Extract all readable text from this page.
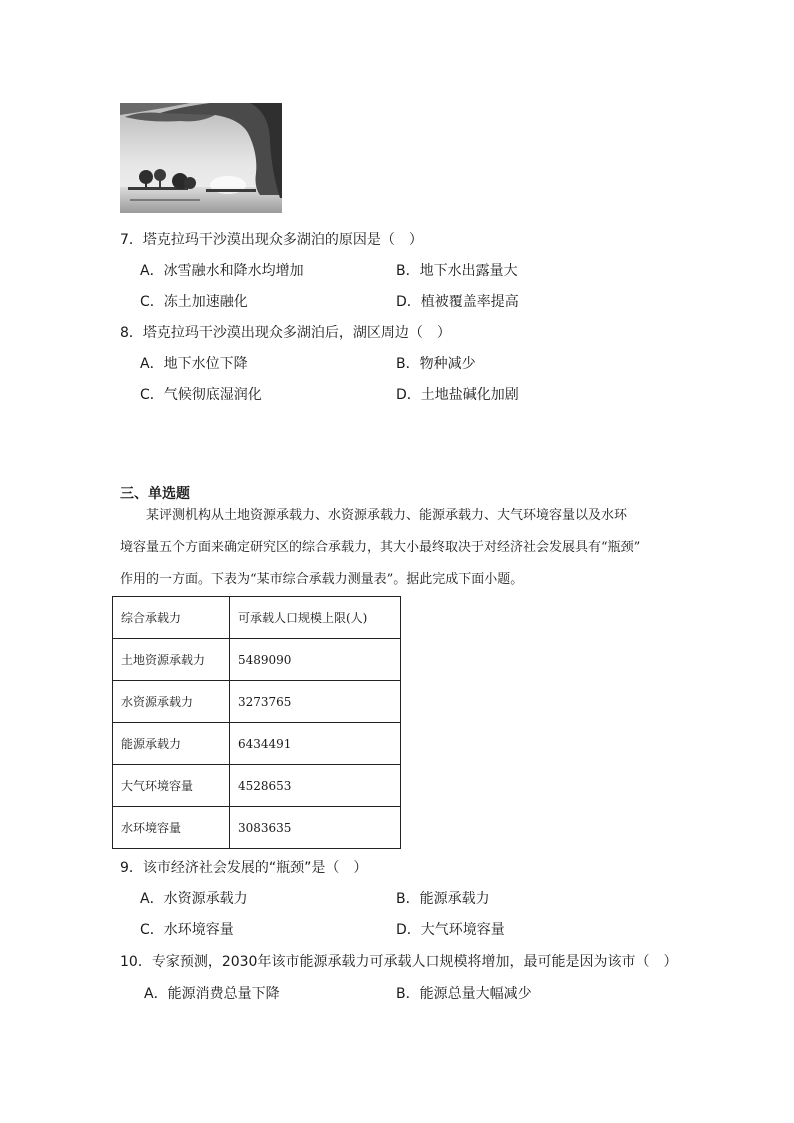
7．塔克拉玛干沙漠出现众多湖泊的原因是（　）
A．冰雪融水和降水均增加	B．地下水出露量大
C．冻土加速融化	D．植被覆盖率提高
8．塔克拉玛干沙漠出现众多湖泊后，湖区周边（　）
A．地下水位下降	B．物种减少
C．气候彻底湿润化	D．土地盐碱化加剧
三、单选题
　　某评测机构从土地资源承载力、水资源承载力、能源承载力、大气环境容量以及水环
境容量五个方面来确定研究区的综合承载力，其大小最终取决于对经济社会发展具有“瓶颈”
作用的一方面。下表为“某市综合承载力测量表”。据此完成下面小题。
综合承载力	可承载人口规模上限(人)
土地资源承载力	5489090
水资源承载力	3273765
能源承载力	6434491
大气环境容量	4528653
水环境容量	3083635
9．该市经济社会发展的“瓶颈”是（　）
A．水资源承载力	B．能源承载力
C．水环境容量	D．大气环境容量
10．专家预测，2030年该市能源承载力可承载人口规模将增加，最可能是因为该市（　）
A．能源消费总量下降	B．能源总量大幅减少
